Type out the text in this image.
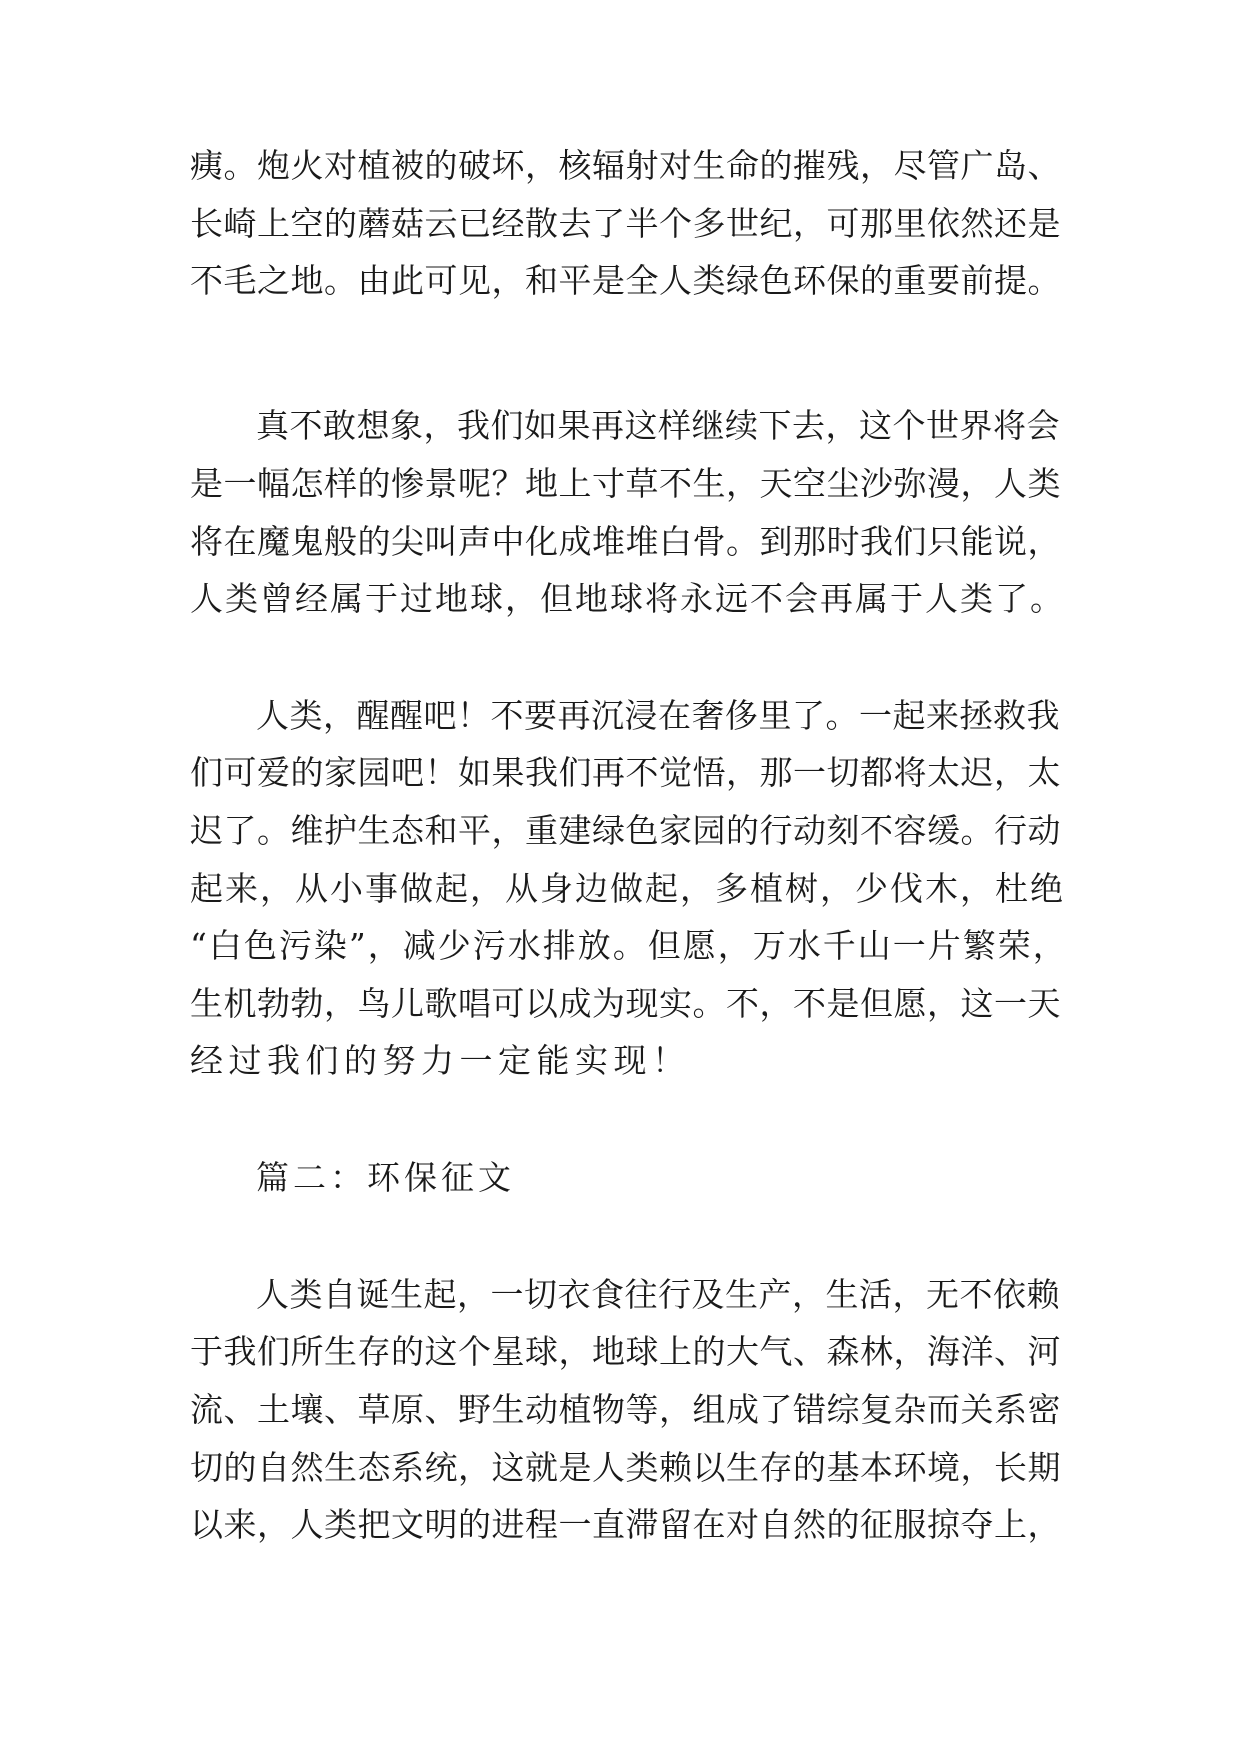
痍。炮火对植被的破坏，核辐射对生命的摧残，尽管广岛、
长崎上空的蘑菇云已经散去了半个多世纪，可那里依然还是
不毛之地。由此可见，和平是全人类绿色环保的重要前提。
真不敢想象，我们如果再这样继续下去，这个世界将会
是一幅怎样的惨景呢？地上寸草不生，天空尘沙弥漫，人类
将在魔鬼般的尖叫声中化成堆堆白骨。到那时我们只能说，
人类曾经属于过地球，但地球将永远不会再属于人类了。
人类，醒醒吧！不要再沉浸在奢侈里了。一起来拯救我
们可爱的家园吧！如果我们再不觉悟，那一切都将太迟，太
迟了。维护生态和平，重建绿色家园的行动刻不容缓。行动
起来，从小事做起，从身边做起，多植树，少伐木，杜绝
“白色污染”，减少污水排放。但愿，万水千山一片繁荣，
生机勃勃，鸟儿歌唱可以成为现实。不，不是但愿，这一天
经过我们的努力一定能实现！
篇二：环保征文
人类自诞生起，一切衣食往行及生产，生活，无不依赖
于我们所生存的这个星球，地球上的大气、森林，海洋、河
流、土壤、草原、野生动植物等，组成了错综复杂而关系密
切的自然生态系统，这就是人类赖以生存的基本环境，长期
以来，人类把文明的进程一直滞留在对自然的征服掠夺上，
